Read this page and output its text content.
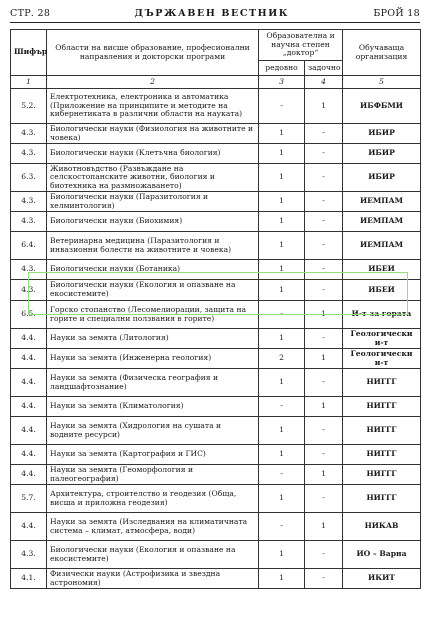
СТР. 28	ДЪРЖАВЕН ВЕСТНИК	БРОЙ 18
Шифър	Области на висше образование, професионални направления и докторски програми	Образователна и научна степен „доктор“		Обучаваща организация
		редовно	задочно	
1	2	3	4	5
5.2.	Електротехника, електроника и автоматика (Приложение на принципите и методите на кибернетиката в различни области на науката)	-	1	ИБФБМИ
4.3.	Биологически науки (Физиология на животните и човека)	1	-	ИБИР
4.3.	Биологически науки (Клетъчна биология)	1	-	ИБИР
6.3.	Животновъдство (Развъждане на селскостопанските животни, биология и биотехника на размножаването)	1	-	ИБИР
4.3.	Биологически науки (Паразитология и хелминтология)	1	-	ИЕМПАМ
4.3.	Биологически науки (Биохимия)	1	-	ИЕМПАМ
6.4.	Ветеринарна медицина (Паразитология и инвазионни болести на животните и човека)	1	-	ИЕМПАМ
4.3.	Биологически науки (Ботаника)	1	-	ИБЕИ
4.3.	Биологически науки (Екология и опазване на екосистемите)	1	-	ИБЕИ
6.5.	Горско стопанство (Лесомелиорации, защита на горите и специални ползвания в горите)	-	1	И-т за гората
4.4.	Науки за земята (Литология)	1	-	Геологически и-т
4.4.	Науки за земята (Инженерна геология)	2	1	Геологически и-т
4.4.	Науки за земята (Физическа география и ландшафтознание)	1	-	НИГГГ
4.4.	Науки за земята (Климатология)	-	1	НИГГГ
4.4.	Науки за земята (Хидрология на сушата и водните ресурси)	1	-	НИГГГ
4.4.	Науки за земята (Картография и ГИС)	1	-	НИГГГ
4.4.	Науки за земята (Геоморфология и палеогеография)	-	1	НИГГГ
5.7.	Архитектура, строителство и геодезия (Обща, висша и приложна геодезия)	1	-	НИГГГ
4.4.	Науки за земята (Изследвания на климатичната система – климат, атмосфера, води)	-	1	НИКАВ
4.3.	Биологически науки (Екология и опазване на екосистемите)	1	-	ИО – Варна
4.1.	Физически науки (Астрофизика и звездна астрономия)	1	-	ИКИТ
